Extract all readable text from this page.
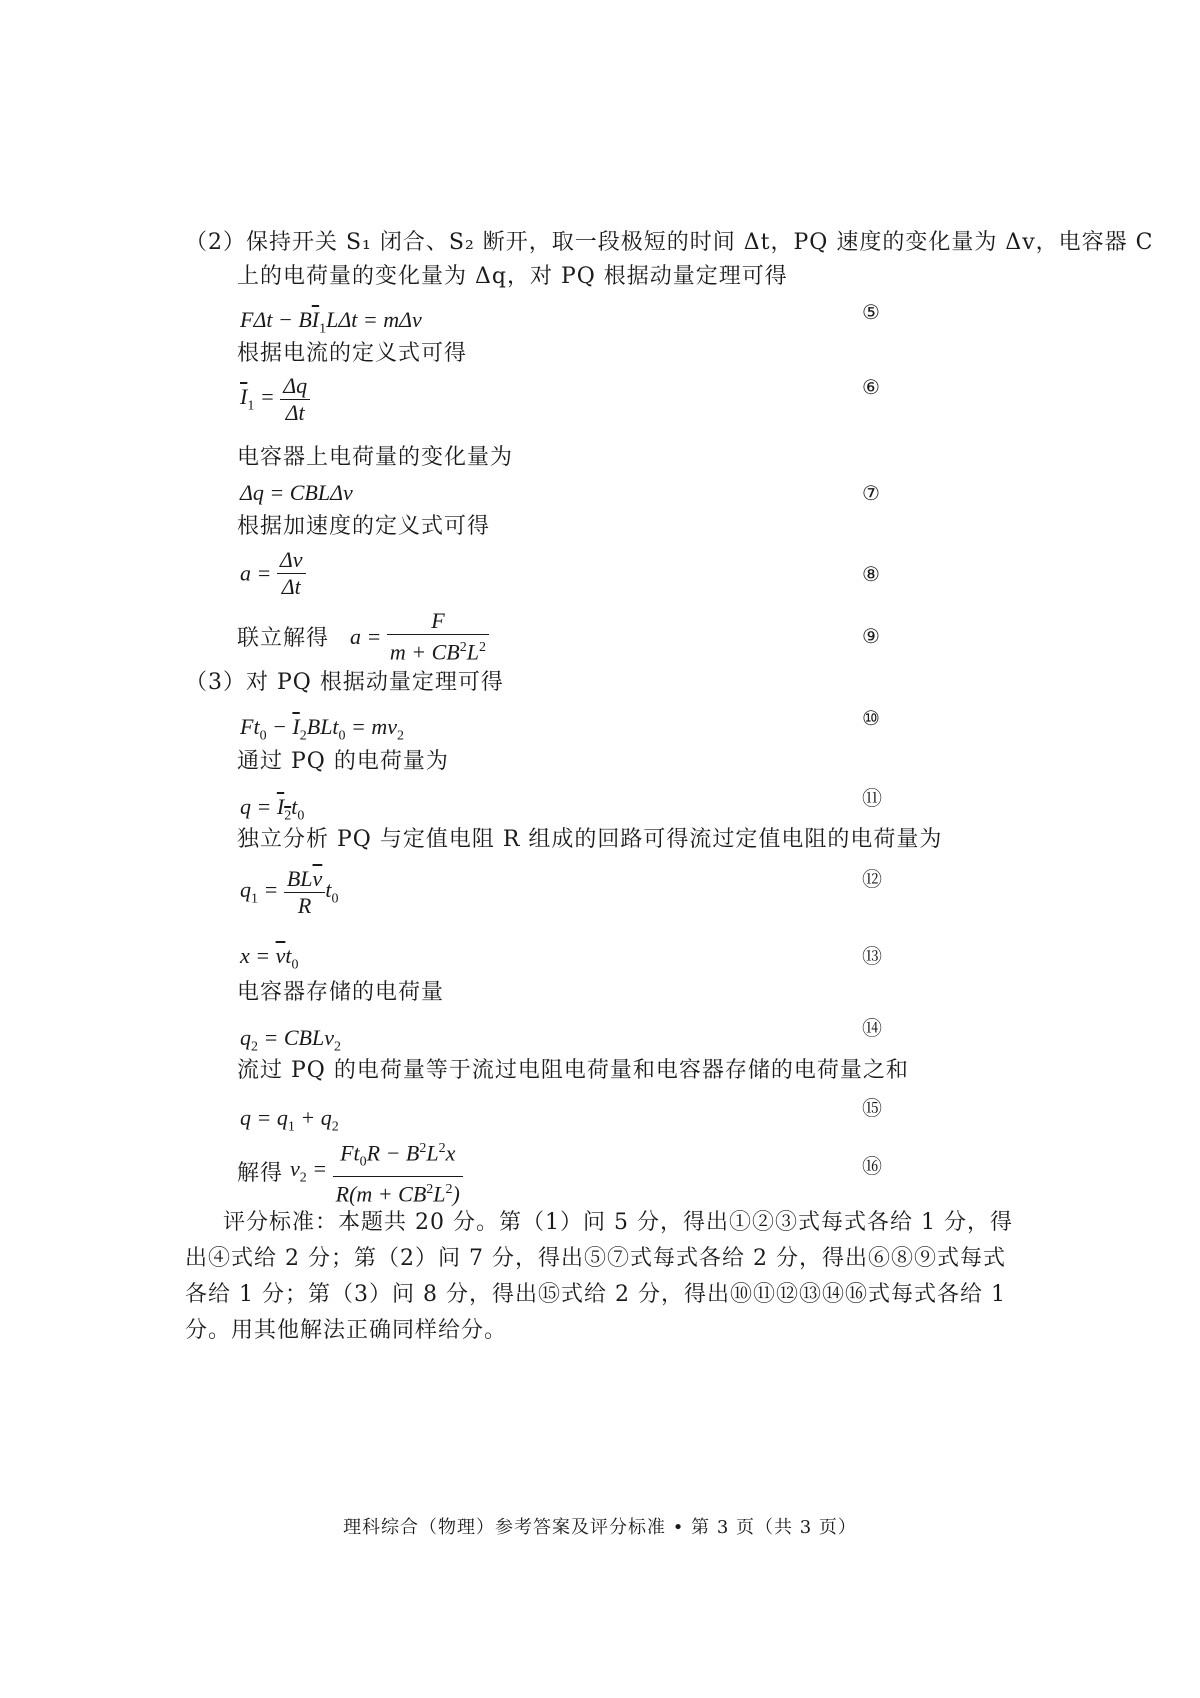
（2）保持开关 S₁ 闭合、S₂ 断开，取一段极短的时间 Δt，PQ 速度的变化量为 Δv，电容器 C
上的电荷量的变化量为 Δq，对 PQ 根据动量定理可得
$F\Delta t - B\overline{I}_1L\Delta t = m\Delta v$	⑤
根据电流的定义式可得
$\overline{I}_1 = \frac{\Delta q}{\Delta t}$	⑥
电容器上电荷量的变化量为
Δq = CBLΔv	⑦
根据加速度的定义式可得
$a = \frac{\Delta v}{\Delta t}$	⑧
联立解得 $a = \frac{F}{m + CB^2L^2}$	⑨
（3）对 PQ 根据动量定理可得
$Ft_0 - \overline{I}_2BLt_0 = mv_2$
⑩
通过 PQ 的电荷量为
$q = I_2t_0$
⑪
独立分析 PQ 与定值电阻 R 组成的回路可得流过定值电阻的电荷量为
$q_1 = \frac{BL\overline{v}}{R} t_0$
⑫
$x = \overline{v}t_0$	⑬
电容器存储的电荷量
$q_2$ = CBLv$_2$
⑭
流过 PQ 的电荷量等于流过电阻电荷量和电容器存储的电荷量之和
$q = q_1 + q_2$
⑮
解得 $v_2 = \frac{Ft_0R - B^2L^2x}{R(m + CB^2L^2)}$	⑯
评分标准：本题共 20 分。第（1）问 5 分，得出①②③式每式各给 1 分，得出④式给 2 分；第（2）问 7 分，得出⑤⑦式每式各给 2 分，得出⑥⑧⑨式每式各给 1 分；第（3）问 8 分，得出⑮式给 2 分，得出⑩⑪⑫⑬⑭⑯式每式各给 1 分。用其他解法正确同样给分。
理科综合（物理）参考答案及评分标准 • 第 3 页（共 3 页）
